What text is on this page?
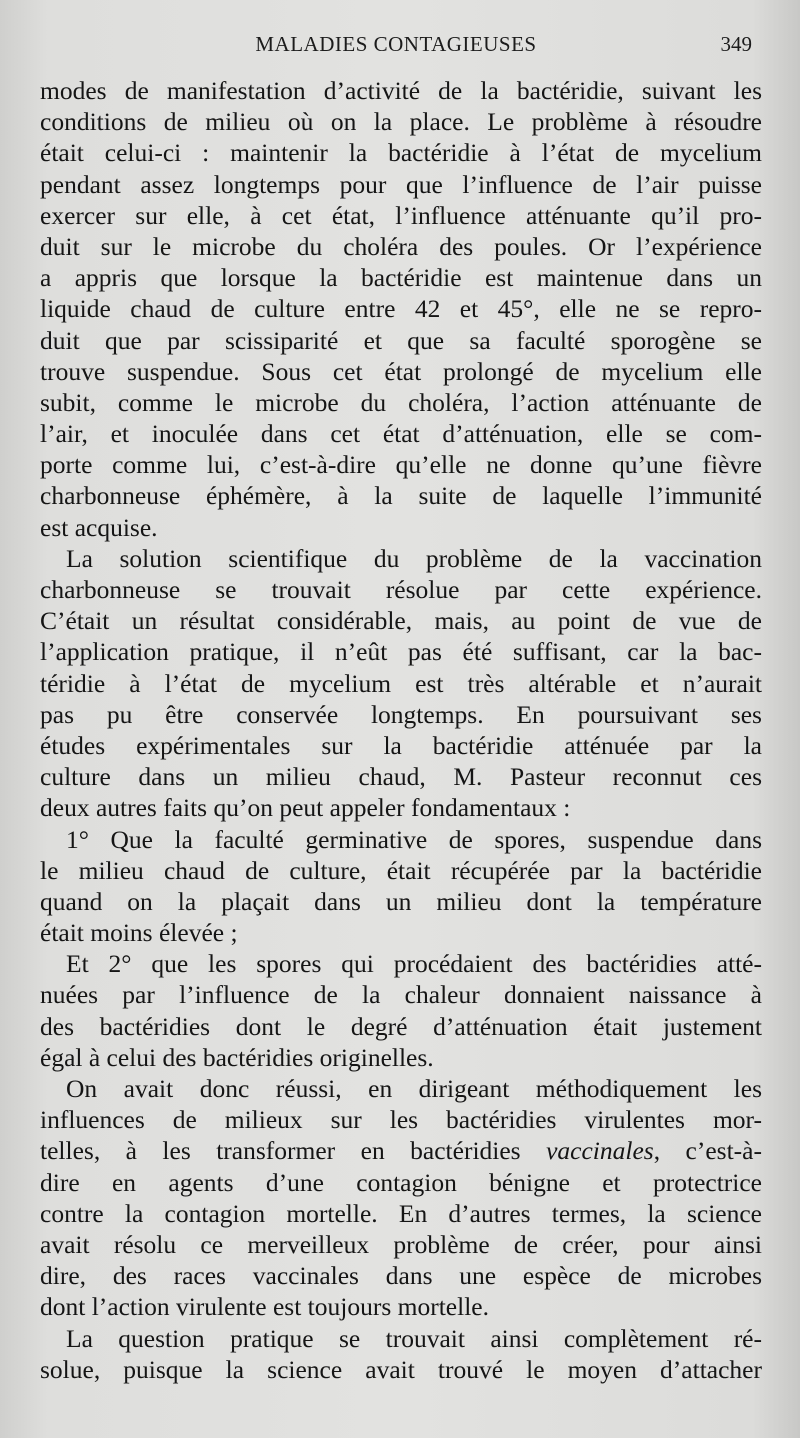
MALADIES CONTAGIEUSES	349

modes de manifestation d’activité de la bactéridie, suivant les
conditions de milieu où on la place. Le problème à résoudre
était celui-ci : maintenir la bactéridie à l’état de mycelium
pendant assez longtemps pour que l’influence de l’air puisse
exercer sur elle, à cet état, l’influence atténuante qu’il pro-
duit sur le microbe du choléra des poules. Or l’expérience
a appris que lorsque la bactéridie est maintenue dans un
liquide chaud de culture entre 42 et 45°, elle ne se repro-
duit que par scissiparité et que sa faculté sporogène se
trouve suspendue. Sous cet état prolongé de mycelium elle
subit, comme le microbe du choléra, l’action atténuante de
l’air, et inoculée dans cet état d’atténuation, elle se com-
porte comme lui, c’est-à-dire qu’elle ne donne qu’une fièvre
charbonneuse éphémère, à la suite de laquelle l’immunité
est acquise.

La solution scientifique du problème de la vaccination
charbonneuse se trouvait résolue par cette expérience.
C’était un résultat considérable, mais, au point de vue de
l’application pratique, il n’eût pas été suffisant, car la bac-
téridie à l’état de mycelium est très altérable et n’aurait
pas pu être conservée longtemps. En poursuivant ses
études expérimentales sur la bactéridie atténuée par la
culture dans un milieu chaud, M. Pasteur reconnut ces
deux autres faits qu’on peut appeler fondamentaux :

1° Que la faculté germinative de spores, suspendue dans
le milieu chaud de culture, était récupérée par la bactéridie
quand on la plaçait dans un milieu dont la température
était moins élevée ;

Et 2° que les spores qui procédaient des bactéridies atté-
nuées par l’influence de la chaleur donnaient naissance à
des bactéridies dont le degré d’atténuation était justement
égal à celui des bactéridies originelles.

On avait donc réussi, en dirigeant méthodiquement les
influences de milieux sur les bactéridies virulentes mor-
telles, à les transformer en bactéridies vaccinales, c’est-à-
dire en agents d’une contagion bénigne et protectrice
contre la contagion mortelle. En d’autres termes, la science
avait résolu ce merveilleux problème de créer, pour ainsi
dire, des races vaccinales dans une espèce de microbes
dont l’action virulente est toujours mortelle.

La question pratique se trouvait ainsi complètement ré-
solue, puisque la science avait trouvé le moyen d’attacher
